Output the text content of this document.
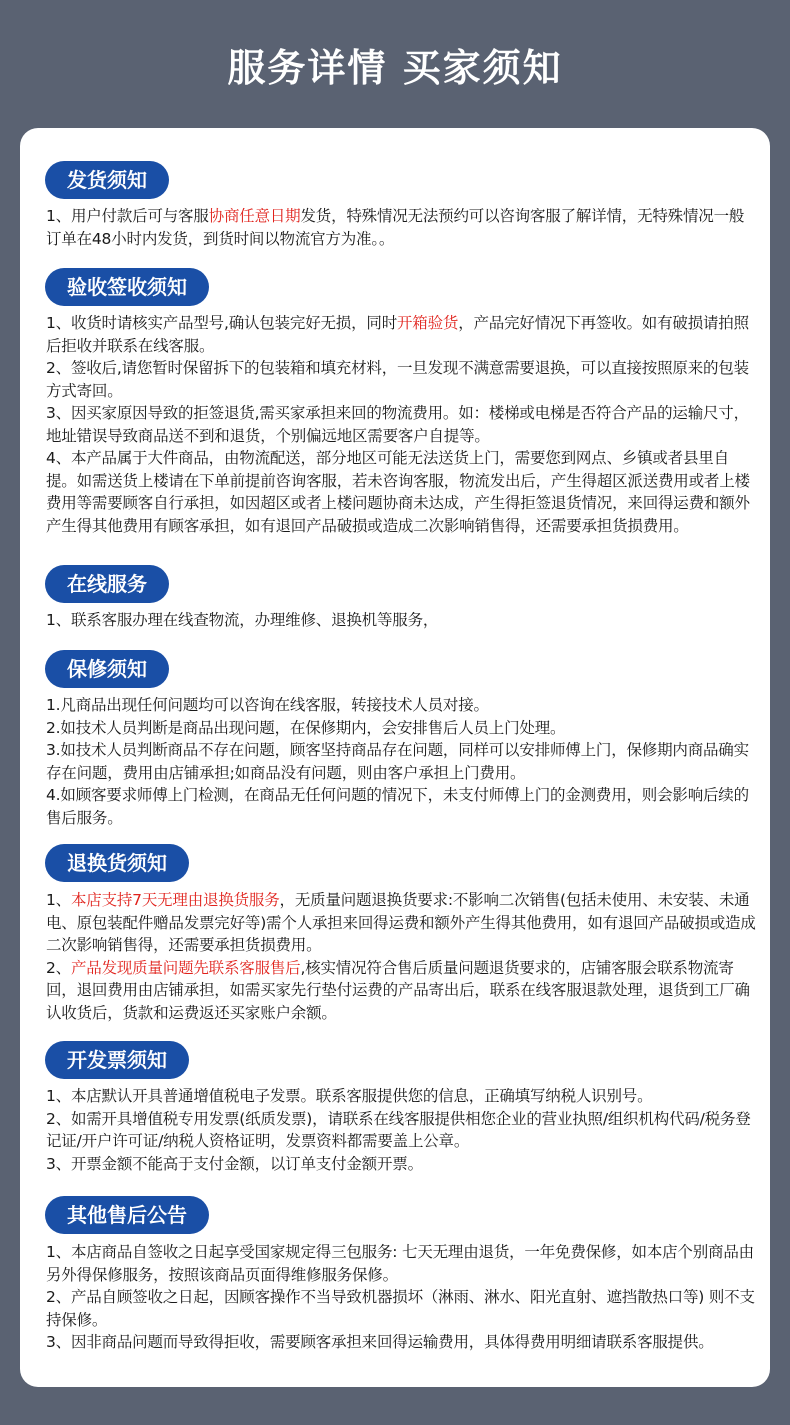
服务详情 买家须知
发货须知
1、用户付款后可与客服协商任意日期发货，特殊情况无法预约可以咨询客服了解详情，无特殊情况一般订单在48小时内发货，到货时间以物流官方为准。。
验收签收须知
1、收货时请核实产品型号,确认包装完好无损，同时开箱验货，产品完好情况下再签收。如有破损请拍照后拒收并联系在线客服。
2、签收后,请您暂时保留拆下的包装箱和填充材料，一旦发现不满意需要退换，可以直接按照原来的包装方式寄回。
3、因买家原因导致的拒签退货,需买家承担来回的物流费用。如：楼梯或电梯是否符合产品的运输尺寸，地址错误导致商品送不到和退货，个别偏远地区需要客户自提等。
4、本产品属于大件商品，由物流配送，部分地区可能无法送货上门，需要您到网点、乡镇或者县里自提。如需送货上楼请在下单前提前咨询客服，若未咨询客服，物流发出后，产生得超区派送费用或者上楼费用等需要顾客自行承担，如因超区或者上楼问题协商未达成，产生得拒签退货情况，来回得运费和额外产生得其他费用有顾客承担，如有退回产品破损或造成二次影响销售得，还需要承担货损费用。
在线服务
1、联系客服办理在线查物流，办理维修、退换机等服务，
保修须知
1.凡商品出现任何问题均可以咨询在线客服，转接技术人员对接。
2.如技术人员判断是商品出现问题，在保修期内，会安排售后人员上门处理。
3.如技术人员判断商品不存在问题，顾客坚持商品存在问题，同样可以安排师傅上门，保修期内商品确实存在问题，费用由店铺承担;如商品没有问题，则由客户承担上门费用。
4.如顾客要求师傅上门检测，在商品无任何问题的情况下，未支付师傅上门的金测费用，则会影响后续的售后服务。
退换货须知
1、本店支持7天无理由退换货服务，无质量问题退换货要求:不影响二次销售(包括未使用、未安装、未通电、原包装配件赠品发票完好等)需个人承担来回得运费和额外产生得其他费用，如有退回产品破损或造成二次影响销售得，还需要承担货损费用。
2、产品发现质量问题先联系客服售后,核实情况符合售后质量问题退货要求的，店铺客服会联系物流寄回，退回费用由店铺承担，如需买家先行垫付运费的产品寄出后，联系在线客服退款处理，退货到工厂确认收货后，货款和运费返还买家账户余额。
开发票须知
1、本店默认开具普通增值税电子发票。联系客服提供您的信息，正确填写纳税人识别号。
2、如需开具增值税专用发票(纸质发票)，请联系在线客服提供相您企业的营业执照/组织机构代码/税务登记证/开户许可证/纳税人资格证明，发票资料都需要盖上公章。
3、开票金额不能高于支付金额，以订单支付金额开票。
其他售后公告
1、本店商品自签收之日起享受国家规定得三包服务: 七天无理由退货，一年免费保修，如本店个别商品由另外得保修服务，按照该商品页面得维修服务保修。
2、产品自顾签收之日起，因顾客操作不当导致机器损坏（淋雨、淋水、阳光直射、遮挡散热口等) 则不支持保修。
3、因非商品问题而导致得拒收，需要顾客承担来回得运输费用，具体得费用明细请联系客服提供。
